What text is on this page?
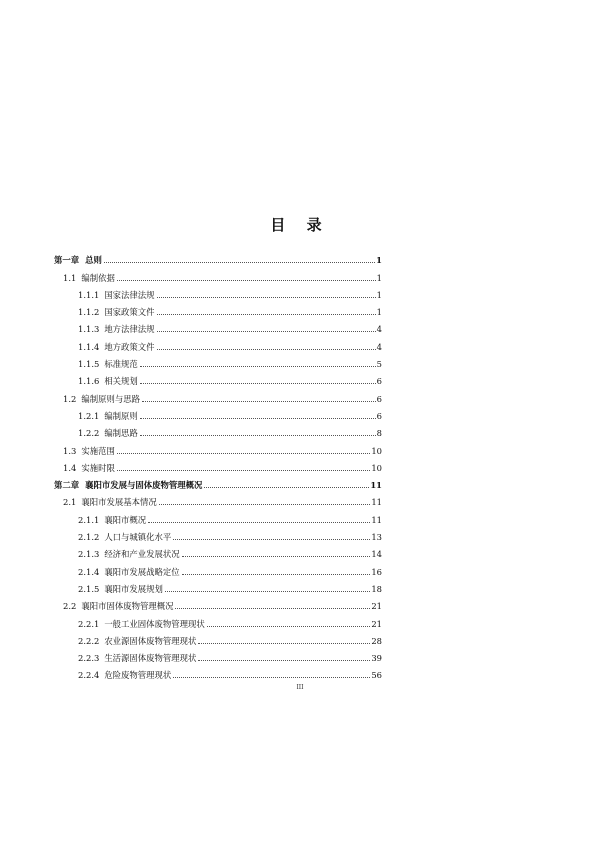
目 录
第一章 总则	1
1.1 编制依据	1
1.1.1 国家法律法规	1
1.1.2 国家政策文件	1
1.1.3 地方法律法规	4
1.1.4 地方政策文件	4
1.1.5 标准规范	5
1.1.6 相关规划	6
1.2 编制原则与思路	6
1.2.1 编制原则	6
1.2.2 编制思路	8
1.3 实施范围	10
1.4 实施时限	10
第二章 襄阳市发展与固体废物管理概况	11
2.1 襄阳市发展基本情况	11
2.1.1 襄阳市概况	11
2.1.2 人口与城镇化水平	13
2.1.3 经济和产业发展状况	14
2.1.4 襄阳市发展战略定位	16
2.1.5 襄阳市发展规划	18
2.2 襄阳市固体废物管理概况	21
2.2.1 一般工业固体废物管理现状	21
2.2.2 农业源固体废物管理现状	28
2.2.3 生活源固体废物管理现状	39
2.2.4 危险废物管理现状	56
III
